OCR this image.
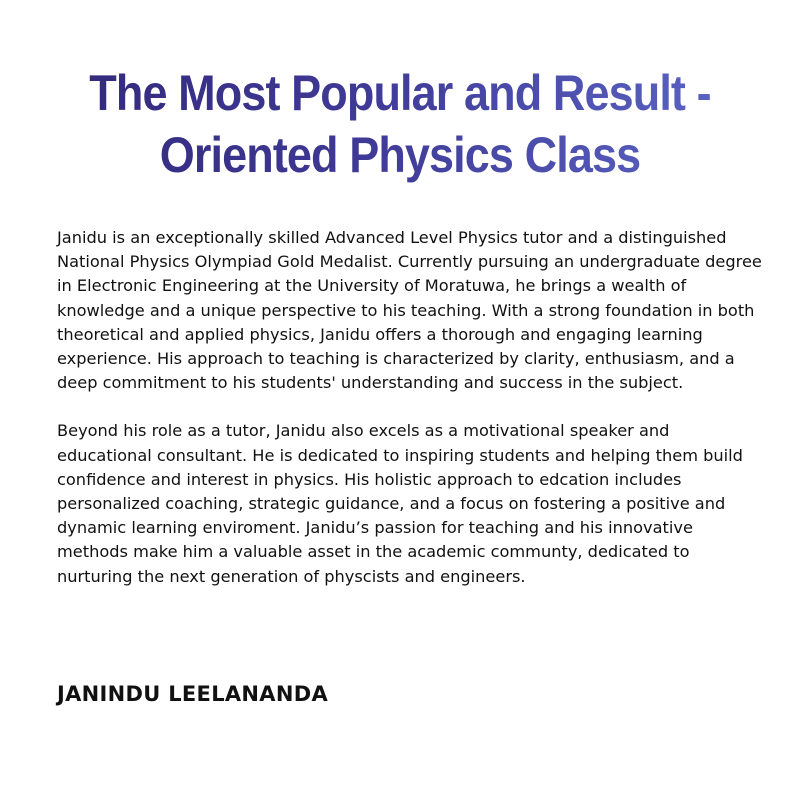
The Most Popular and Result -
Oriented Physics Class

Janidu is an exceptionally skilled Advanced Level Physics tutor and a distinguished National Physics Olympiad Gold Medalist. Currently pursuing an undergraduate degree in Electronic Engineering at the University of Moratuwa, he brings a wealth of knowledge and a unique perspective to his teaching. With a strong foundation in both theoretical and applied physics, Janidu offers a thorough and engaging learning experience. His approach to teaching is characterized by clarity, enthusiasm, and a deep commitment to his students' understanding and success in the subject.

Beyond his role as a tutor, Janidu also excels as a motivational speaker and educational consultant. He is dedicated to inspiring students and helping them build confidence and interest in physics. His holistic approach to edcation includes personalized coaching, strategic guidance, and a focus on fostering a positive and dynamic learning enviroment. Janidu’s passion for teaching and his innovative methods make him a valuable asset in the academic communty, dedicated to nurturing the next generation of physcists and engineers.

JANINDU LEELANANDA
